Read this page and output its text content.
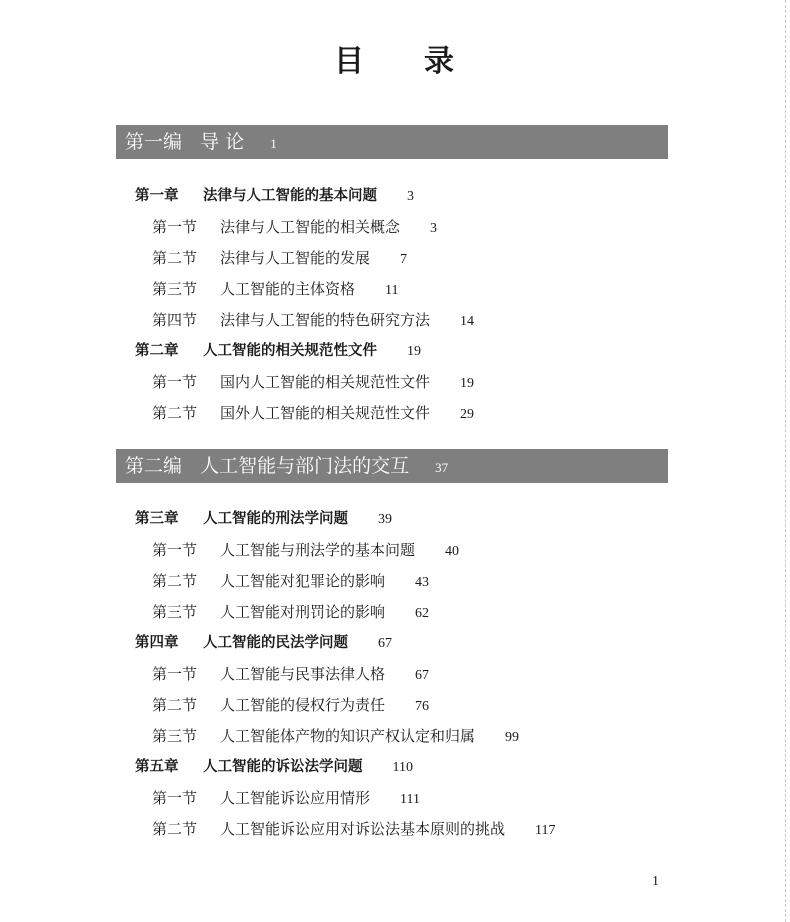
目 录
第一编 导 论 1
第一章 法律与人工智能的基本问题 3
第一节 法律与人工智能的相关概念 3
第二节 法律与人工智能的发展 7
第三节 人工智能的主体资格 11
第四节 法律与人工智能的特色研究方法 14
第二章 人工智能的相关规范性文件 19
第一节 国内人工智能的相关规范性文件 19
第二节 国外人工智能的相关规范性文件 29
第二编 人工智能与部门法的交互 37
第三章 人工智能的刑法学问题 39
第一节 人工智能与刑法学的基本问题 40
第二节 人工智能对犯罪论的影响 43
第三节 人工智能对刑罚论的影响 62
第四章 人工智能的民法学问题 67
第一节 人工智能与民事法律人格 67
第二节 人工智能的侵权行为责任 76
第三节 人工智能体产物的知识产权认定和归属 99
第五章 人工智能的诉讼法学问题 110
第一节 人工智能诉讼应用情形 111
第二节 人工智能诉讼应用对诉讼法基本原则的挑战 117
1
